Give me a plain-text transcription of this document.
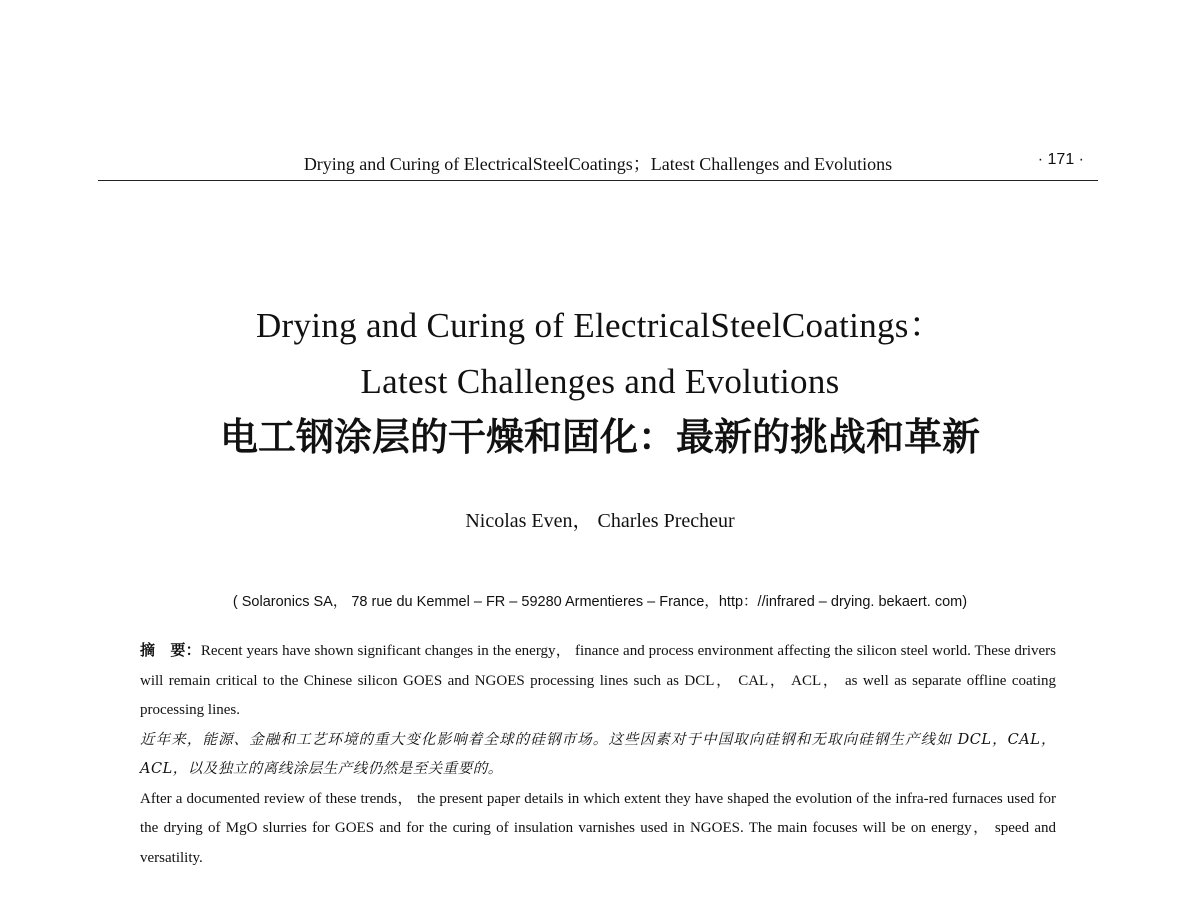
Drying and Curing of ElectricalSteelCoatings；Latest Challenges and Evolutions	· 171 ·
Drying and Curing of ElectricalSteelCoatings：
Latest Challenges and Evolutions
电工钢涂层的干燥和固化：最新的挑战和革新
Nicolas Even， Charles Precheur
( Solaronics SA， 78 rue du Kemmel – FR – 59280 Armentieres – France，http：//infrared – drying. bekaert. com)

摘　要：Recent years have shown significant changes in the energy， finance and process environment affecting the silicon steel world. These drivers will remain critical to the Chinese silicon GOES and NGOES processing lines such as DCL， CAL， ACL， as well as separate offline coating processing lines.

近年来，能源、金融和工艺环境的重大变化影响着全球的硅钢市场。这些因素对于中国取向硅钢和无取向硅钢生产线如 DCL，CAL，ACL，以及独立的离线涂层生产线仍然是至关重要的。

After a documented review of these trends， the present paper details in which extent they have shaped the evolution of the infra-red furnaces used for the drying of MgO slurries for GOES and for the curing of insulation varnishes used in NGOES. The main focuses will be on energy， speed and versatility.
